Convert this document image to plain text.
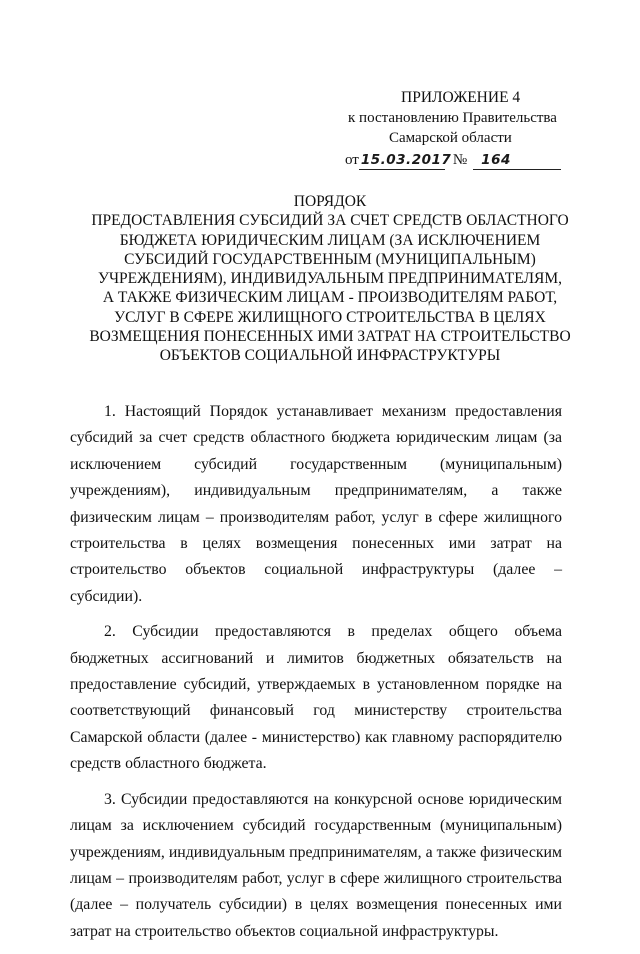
ПРИЛОЖЕНИЕ 4
к постановлению Правительства
Самарской области
от 15.03.2017 №	164
ПОРЯДОК
ПРЕДОСТАВЛЕНИЯ СУБСИДИЙ ЗА СЧЕТ СРЕДСТВ ОБЛАСТНОГО
БЮДЖЕТА ЮРИДИЧЕСКИМ ЛИЦАМ (ЗА ИСКЛЮЧЕНИЕМ
СУБСИДИЙ ГОСУДАРСТВЕННЫМ (МУНИЦИПАЛЬНЫМ)
УЧРЕЖДЕНИЯМ), ИНДИВИДУАЛЬНЫМ ПРЕДПРИНИМАТЕЛЯМ,
А ТАКЖЕ ФИЗИЧЕСКИМ ЛИЦАМ - ПРОИЗВОДИТЕЛЯМ РАБОТ,
УСЛУГ В СФЕРЕ ЖИЛИЩНОГО СТРОИТЕЛЬСТВА В ЦЕЛЯХ
ВОЗМЕЩЕНИЯ ПОНЕСЕННЫХ ИМИ ЗАТРАТ НА СТРОИТЕЛЬСТВО
ОБЪЕКТОВ СОЦИАЛЬНОЙ ИНФРАСТРУКТУРЫ

1. Настоящий Порядок устанавливает механизм предоставления субсидий за счет средств областного бюджета юридическим лицам (за исключением субсидий государственным (муниципальным) учреждениям), индивидуальным предпринимателям, а также физическим лицам – производителям работ, услуг в сфере жилищного строительства в целях возмещения понесенных ими затрат на строительство объектов социальной инфраструктуры (далее – субсидии).

2. Субсидии предоставляются в пределах общего объема бюджетных ассигнований и лимитов бюджетных обязательств на предоставление субсидий, утверждаемых в установленном порядке на соответствующий финансовый год министерству строительства Самарской области (далее - министерство) как главному распорядителю средств областного бюджета.

3. Субсидии предоставляются на конкурсной основе юридическим лицам за исключением субсидий государственным (муниципальным) учреждениям, индивидуальным предпринимателям, а также физическим лицам – производителям работ, услуг в сфере жилищного строительства (далее – получатель субсидии) в целях возмещения понесенных ими затрат на строительство объектов социальной инфраструктуры.
